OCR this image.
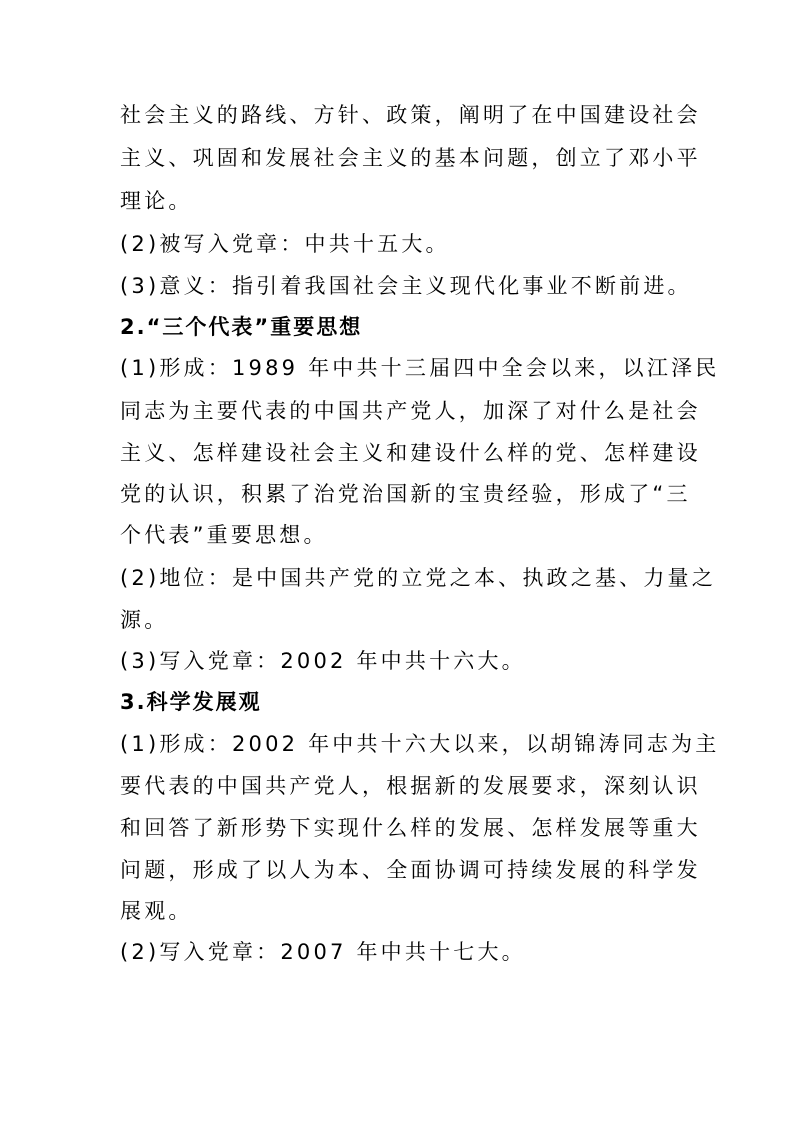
社会主义的路线、方针、政策，阐明了在中国建设社会
主义、巩固和发展社会主义的基本问题，创立了邓小平
理论。
(2)被写入党章：中共十五大。
(3)意义：指引着我国社会主义现代化事业不断前进。
2.“三个代表”重要思想
(1)形成：1989 年中共十三届四中全会以来，以江泽民
同志为主要代表的中国共产党人，加深了对什么是社会
主义、怎样建设社会主义和建设什么样的党、怎样建设
党的认识，积累了治党治国新的宝贵经验，形成了“三
个代表”重要思想。
(2)地位：是中国共产党的立党之本、执政之基、力量之
源。
(3)写入党章：2002 年中共十六大。
3.科学发展观
(1)形成：2002 年中共十六大以来，以胡锦涛同志为主
要代表的中国共产党人，根据新的发展要求，深刻认识
和回答了新形势下实现什么样的发展、怎样发展等重大
问题，形成了以人为本、全面协调可持续发展的科学发
展观。
(2)写入党章：2007 年中共十七大。
